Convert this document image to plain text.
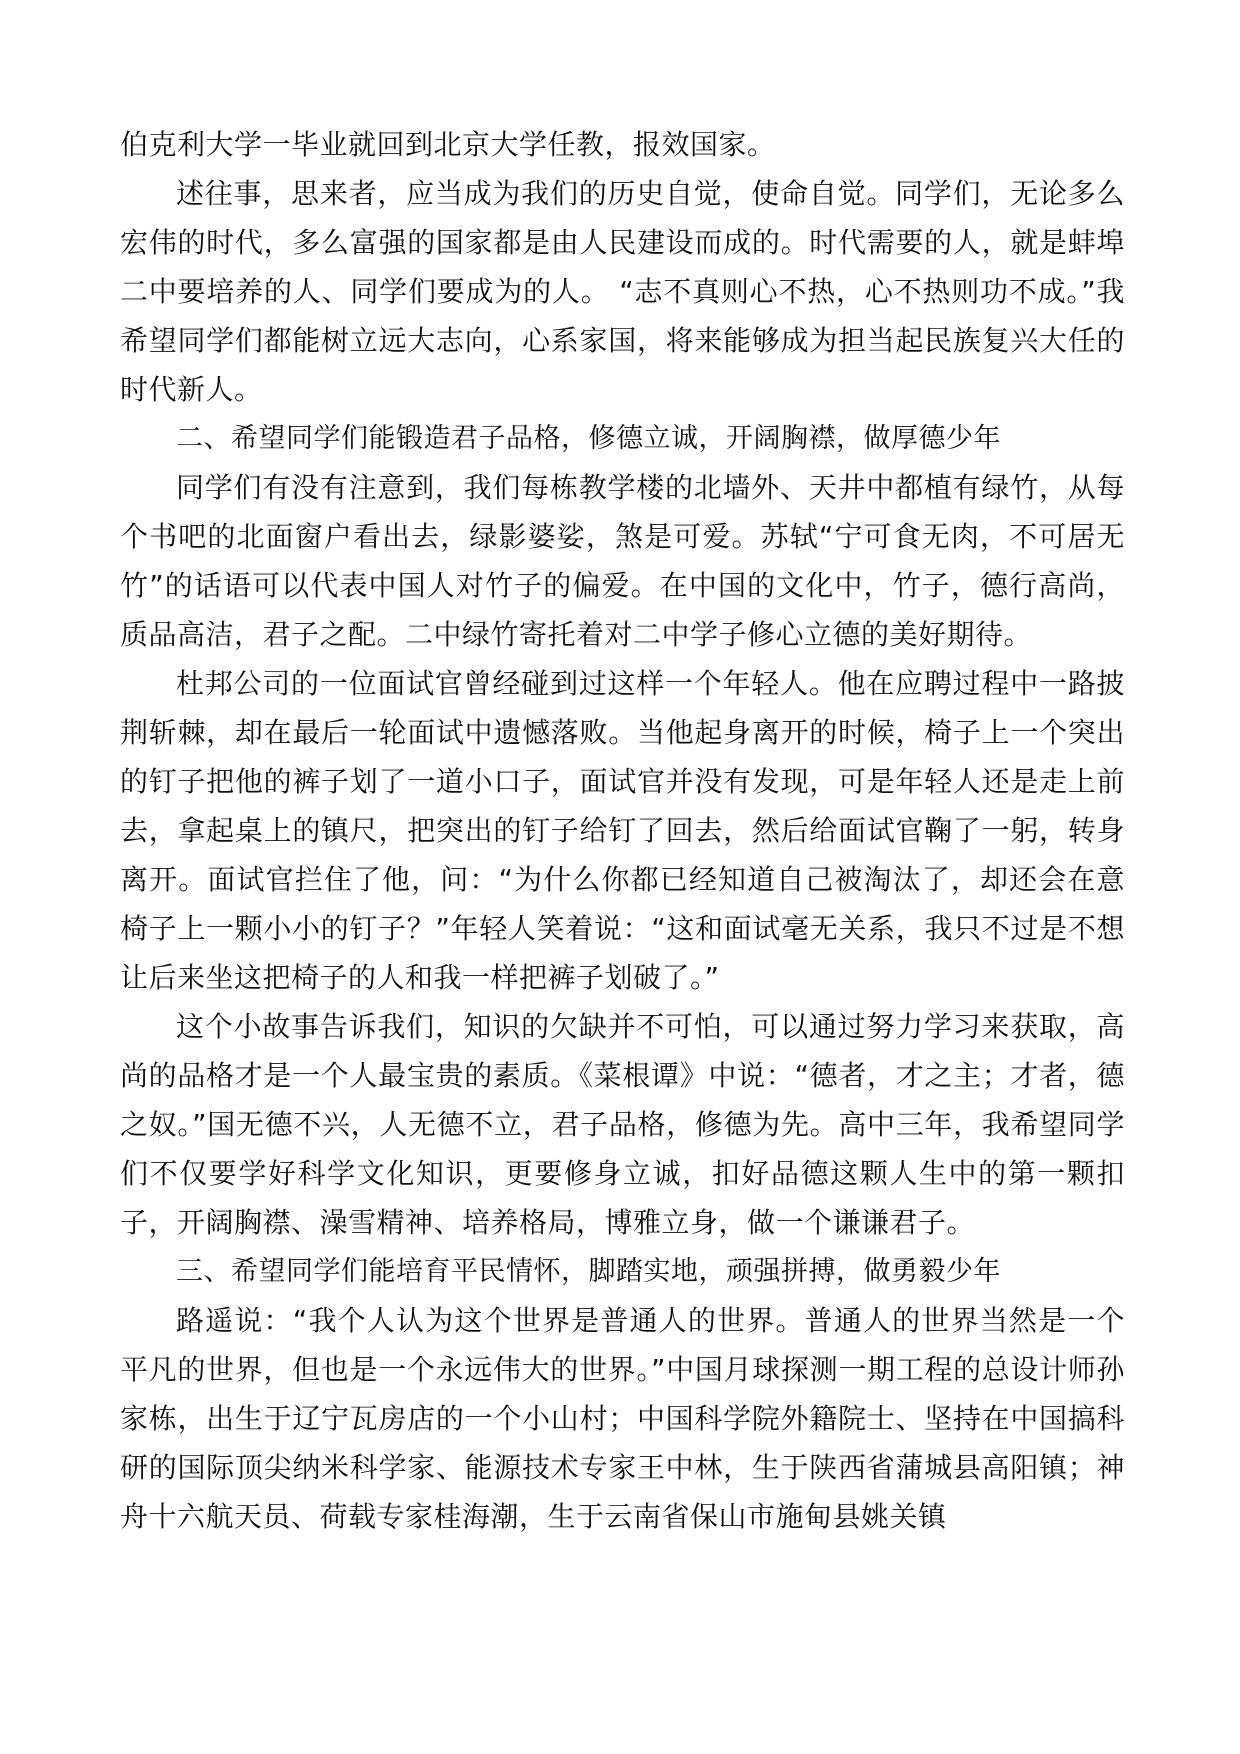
伯克利大学一毕业就回到北京大学任教，报效国家。

述往事，思来者，应当成为我们的历史自觉，使命自觉。同学们，无论多么宏伟的时代，多么富强的国家都是由人民建设而成的。时代需要的人，就是蚌埠二中要培养的人、同学们要成为的人。 “志不真则心不热，心不热则功不成。”我希望同学们都能树立远大志向，心系家国，将来能够成为担当起民族复兴大任的时代新人。

二、希望同学们能锻造君子品格，修德立诚，开阔胸襟，做厚德少年

同学们有没有注意到，我们每栋教学楼的北墙外、天井中都植有绿竹，从每个书吧的北面窗户看出去，绿影婆娑，煞是可爱。苏轼“宁可食无肉，不可居无竹”的话语可以代表中国人对竹子的偏爱。在中国的文化中，竹子，德行高尚，质品高洁，君子之配。二中绿竹寄托着对二中学子修心立德的美好期待。

杜邦公司的一位面试官曾经碰到过这样一个年轻人。他在应聘过程中一路披荆斩棘，却在最后一轮面试中遗憾落败。当他起身离开的时候，椅子上一个突出的钉子把他的裤子划了一道小口子，面试官并没有发现，可是年轻人还是走上前去，拿起桌上的镇尺，把突出的钉子给钉了回去，然后给面试官鞠了一躬，转身离开。面试官拦住了他，问：“为什么你都已经知道自己被淘汰了，却还会在意椅子上一颗小小的钉子？”年轻人笑着说：“这和面试毫无关系，我只不过是不想让后来坐这把椅子的人和我一样把裤子划破了。”

这个小故事告诉我们，知识的欠缺并不可怕，可以通过努力学习来获取，高尚的品格才是一个人最宝贵的素质。《菜根谭》中说：“德者，才之主；才者，德之奴。”国无德不兴，人无德不立，君子品格，修德为先。高中三年，我希望同学们不仅要学好科学文化知识，更要修身立诚，扣好品德这颗人生中的第一颗扣子，开阔胸襟、澡雪精神、培养格局，博雅立身，做一个谦谦君子。

三、希望同学们能培育平民情怀，脚踏实地，顽强拼搏，做勇毅少年

路遥说：“我个人认为这个世界是普通人的世界。普通人的世界当然是一个平凡的世界，但也是一个永远伟大的世界。”中国月球探测一期工程的总设计师孙家栋，出生于辽宁瓦房店的一个小山村；中国科学院外籍院士、坚持在中国搞科研的国际顶尖纳米科学家、能源技术专家王中林，生于陕西省蒲城县高阳镇；神舟十六航天员、荷载专家桂海潮，生于云南省保山市施甸县姚关镇
